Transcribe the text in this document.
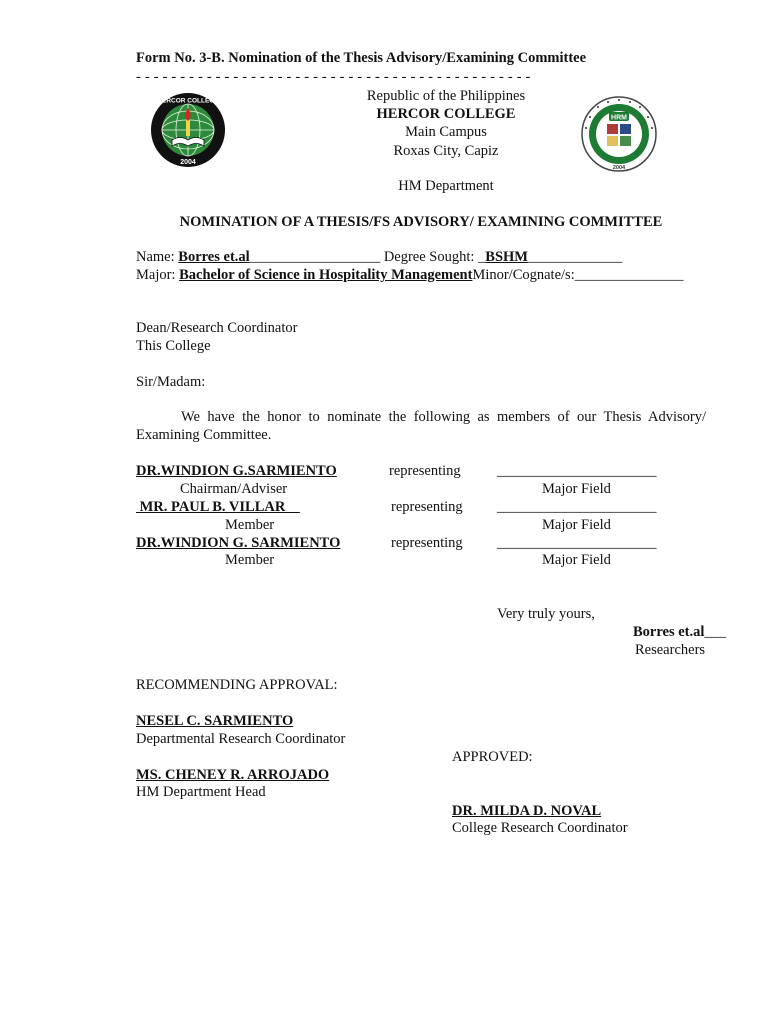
Form No. 3-B. Nomination of the Thesis Advisory/Examining Committee
- - - - - - - - - - - - - - - - - - - - - - - - - - - - - - - - - - - - - - - - - - - - -
HERCOR COLLEGE
2004
HRM
2004
Republic of the Philippines
HERCOR COLLEGE
Main Campus
Roxas City, Capiz
HM Department
NOMINATION OF A THESIS/FS ADVISORY/ EXAMINING COMMITTEE
Name: Borres et.al__________________ Degree Sought: _BSHM_____________
Major: Bachelor of Science in Hospitality ManagementMinor/Cognate/s:_______________
Dean/Research Coordinator
This College
Sir/Madam:
We have the honor to nominate the following as members of our Thesis Advisory/ Examining Committee.
DR.WINDION G.SARMIENTO	representing	______________________
Chairman/Adviser	Major Field
MR. PAUL B. VILLAR	representing ______________________
Member	Major Field
DR.WINDION G. SARMIENTO	representing ______________________
Member	Major Field
Very truly yours,
Borres et.al___
Researchers
RECOMMENDING APPROVAL:
NESEL C. SARMIENTO
Departmental Research Coordinator
MS. CHENEY R. ARROJADO
HM Department Head
APPROVED:
DR. MILDA D. NOVAL
College Research Coordinator
